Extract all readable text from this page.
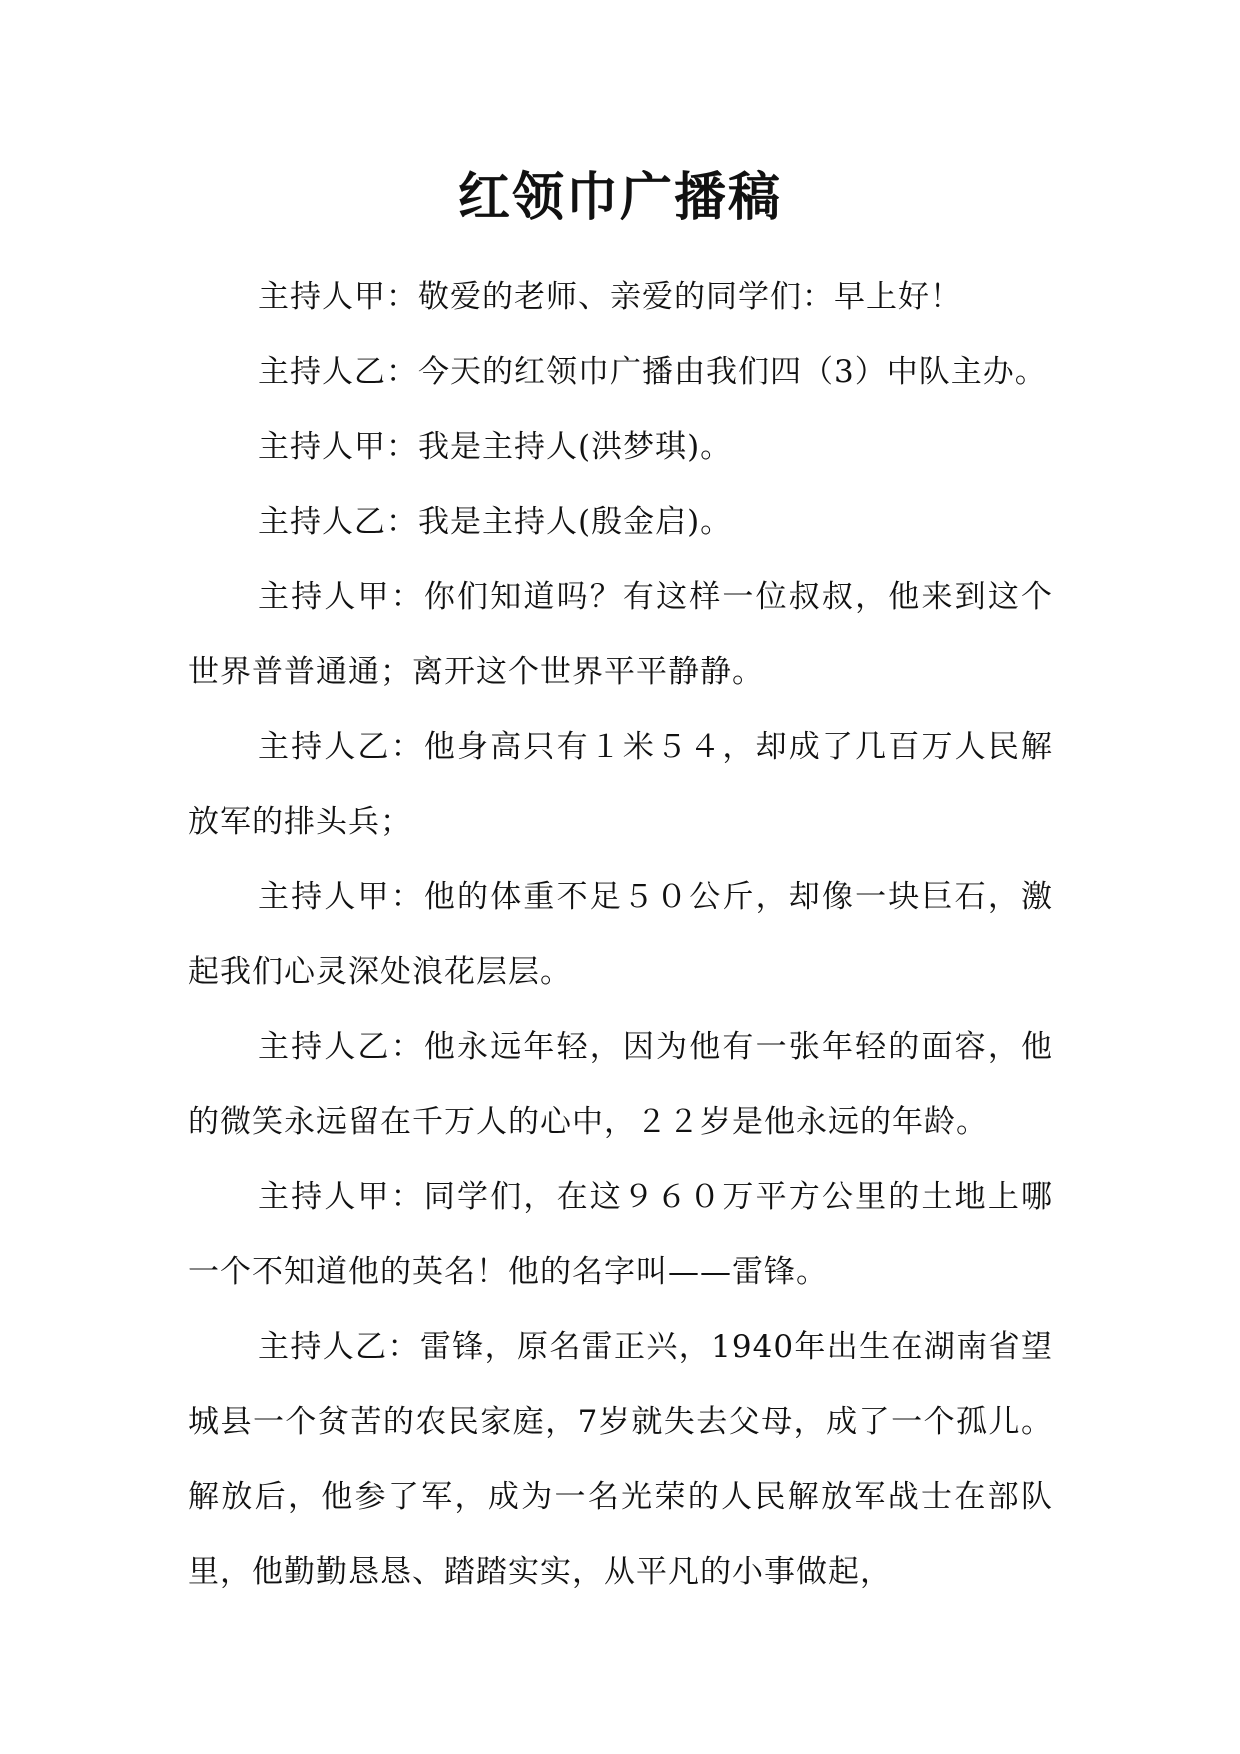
红领巾广播稿

主持人甲：敬爱的老师、亲爱的同学们：早上好！

主持人乙：今天的红领巾广播由我们四（3）中队主办。

主持人甲：我是主持人(洪梦琪)。

主持人乙：我是主持人(殷金启)。

主持人甲：你们知道吗？有这样一位叔叔，他来到这个世界普普通通；离开这个世界平平静静。

主持人乙：他身高只有１米５４，却成了几百万人民解放军的排头兵；

主持人甲：他的体重不足５０公斤，却像一块巨石，激起我们心灵深处浪花层层。

主持人乙：他永远年轻，因为他有一张年轻的面容，他的微笑永远留在千万人的心中，２２岁是他永远的年龄。

主持人甲：同学们，在这９６０万平方公里的土地上哪一个不知道他的英名！他的名字叫——雷锋。

主持人乙：雷锋，原名雷正兴，1940年出生在湖南省望城县一个贫苦的农民家庭，7岁就失去父母，成了一个孤儿。解放后，他参了军，成为一名光荣的人民解放军战士在部队里，他勤勤恳恳、踏踏实实，从平凡的小事做起，
